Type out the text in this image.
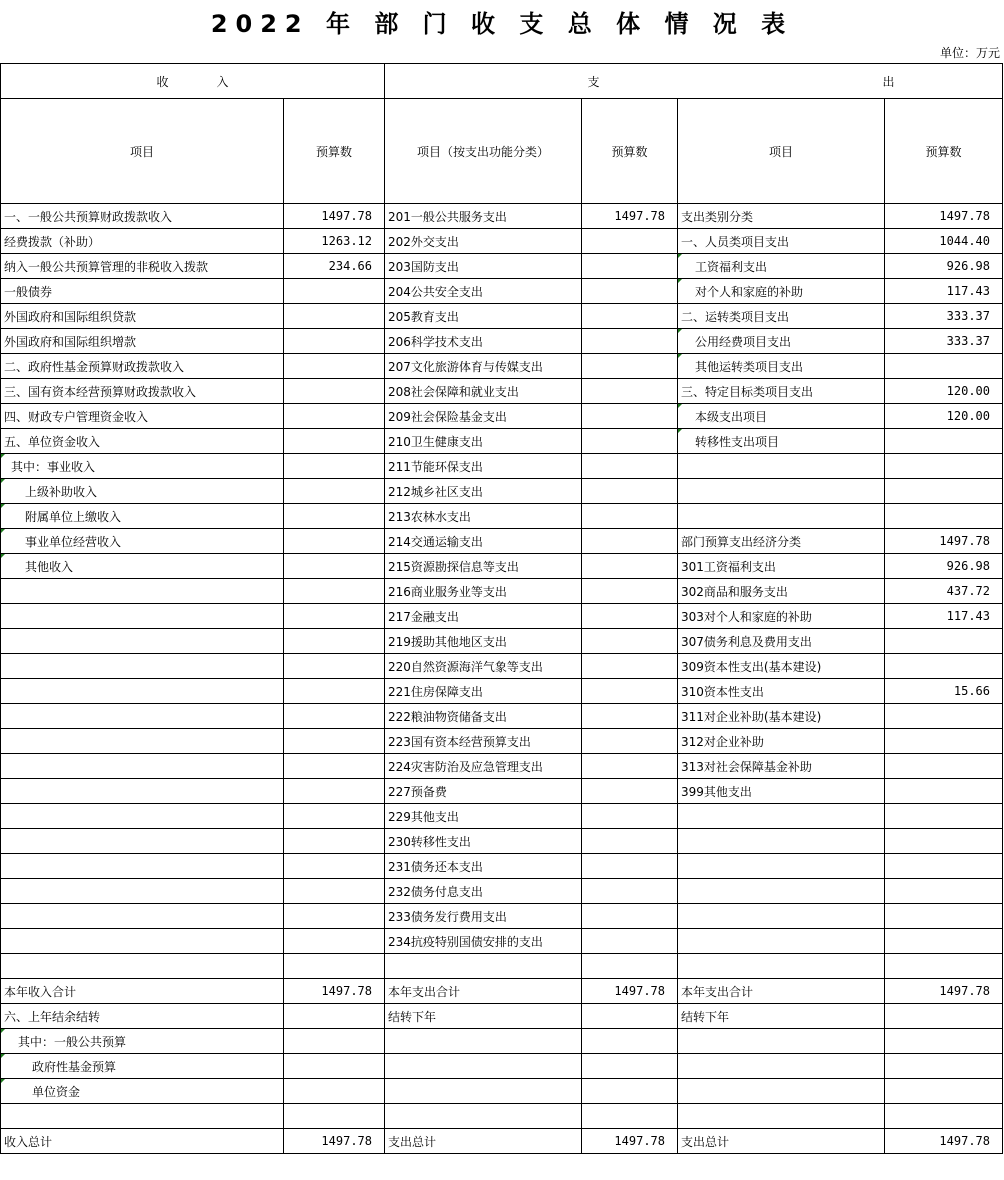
2022 年 部 门 收 支 总 体 情 况 表
单位：万元
收　　　　入		支 出			
项目	预算数	项目（按支出功能分类）	预算数	项目	预算数
一、一般公共预算财政拨款收入	1497.78	201一般公共服务支出	1497.78	支出类别分类	1497.78
经费拨款（补助）	1263.12	202外交支出		一、人员类项目支出	1044.40
纳入一般公共预算管理的非税收入拨款	234.66	203国防支出		工资福利支出	926.98
一般债券		204公共安全支出		对个人和家庭的补助	117.43
外国政府和国际组织贷款		205教育支出		二、运转类项目支出	333.37
外国政府和国际组织增款		206科学技术支出		公用经费项目支出	333.37
二、政府性基金预算财政拨款收入		207文化旅游体育与传媒支出		其他运转类项目支出	
三、国有资本经营预算财政拨款收入		208社会保障和就业支出		三、特定目标类项目支出	120.00
四、财政专户管理资金收入		209社会保险基金支出		本级支出项目	120.00
五、单位资金收入		210卫生健康支出		转移性支出项目	
其中：事业收入		211节能环保支出			
上级补助收入		212城乡社区支出			
附属单位上缴收入		213农林水支出			
事业单位经营收入		214交通运输支出		部门预算支出经济分类	1497.78
其他收入		215资源勘探信息等支出		301工资福利支出	926.98
		216商业服务业等支出		302商品和服务支出	437.72
		217金融支出		303对个人和家庭的补助	117.43
		219援助其他地区支出		307债务利息及费用支出	
		220自然资源海洋气象等支出		309资本性支出(基本建设)	
		221住房保障支出		310资本性支出	15.66
		222粮油物资储备支出		311对企业补助(基本建设)	
		223国有资本经营预算支出		312对企业补助	
		224灾害防治及应急管理支出		313对社会保障基金补助	
		227预备费		399其他支出	
		229其他支出			
		230转移性支出			
		231债务还本支出			
		232债务付息支出			
		233债务发行费用支出			
		234抗疫特别国债安排的支出			

本年收入合计	1497.78	本年支出合计	1497.78	本年支出合计	1497.78
六、上年结余结转		结转下年		结转下年	
其中：一般公共预算					
政府性基金预算					
单位资金					

收入总计	1497.78	支出总计	1497.78	支出总计	1497.78
